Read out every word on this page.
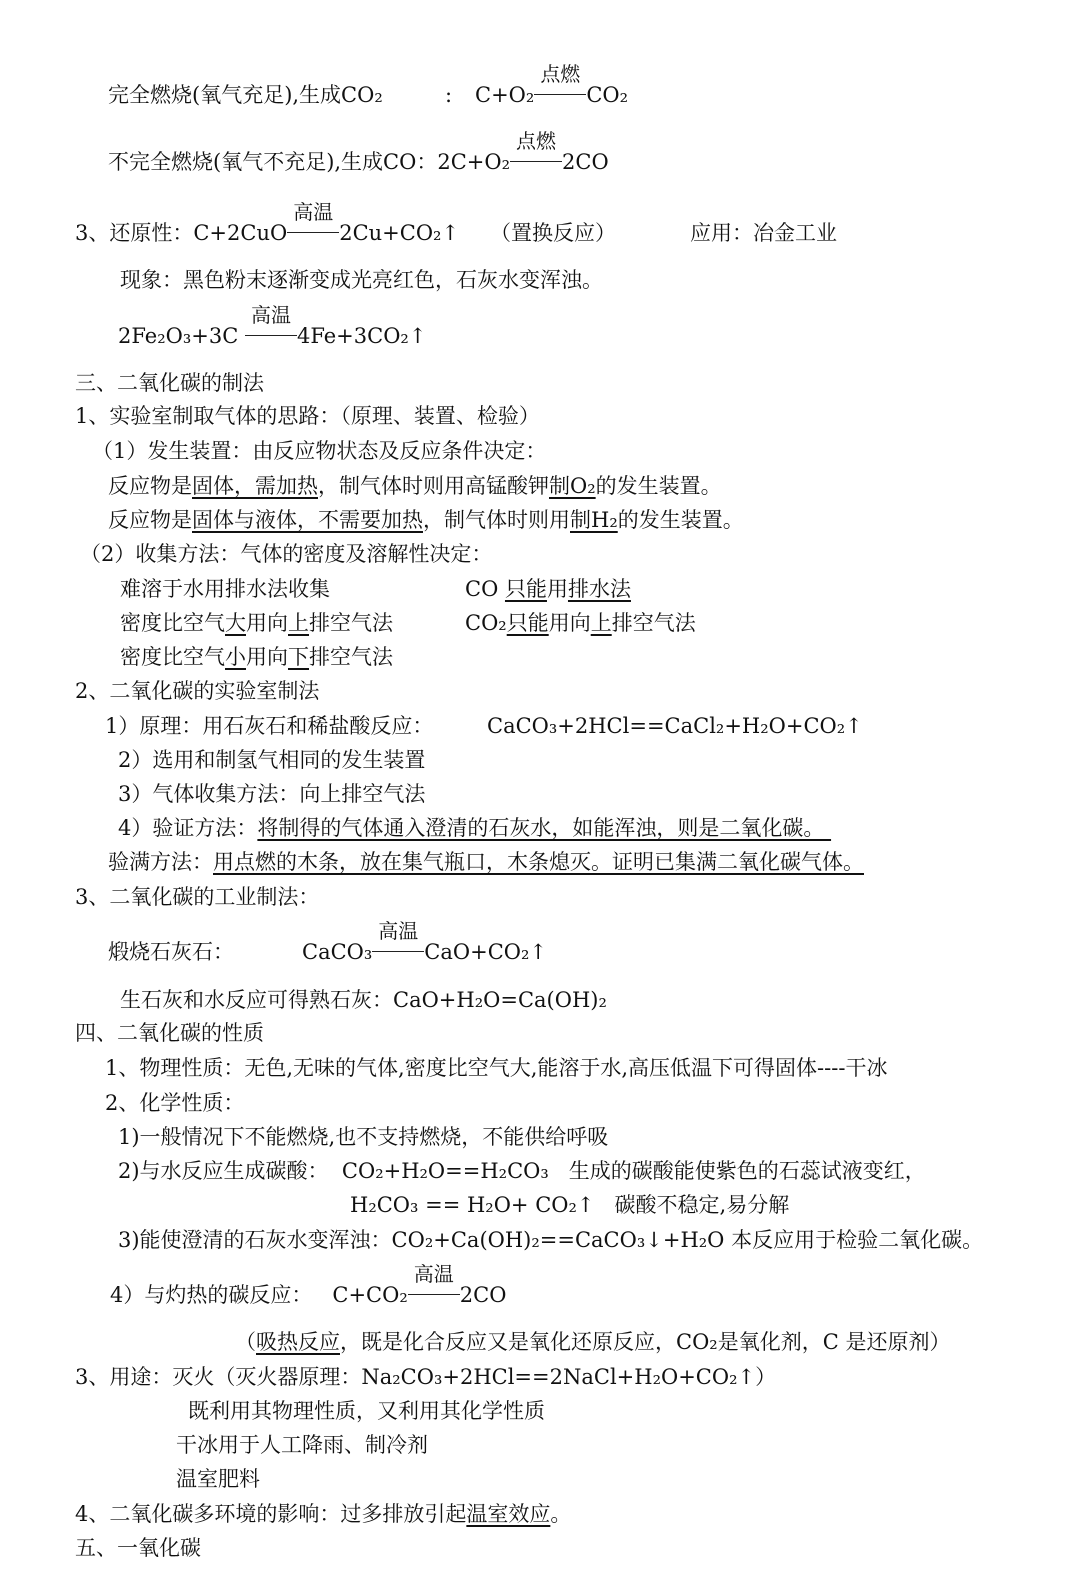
完全燃烧(氧气充足),生成CO₂	: C+O₂
点燃
CO₂
不完全燃烧(氧气不充足),生成CO：2C+O₂
点燃
2CO
3、还原性：C+2CuO
高温
2Cu+CO₂↑ （置换反应）	应用：冶金工业
现象：黑色粉末逐渐变成光亮红色，石灰水变浑浊。
2Fe₂O₃+3C
高温
4Fe+3CO₂↑
三、二氧化碳的制法
1、实验室制取气体的思路：（原理、装置、检验）
（1）发生装置：由反应物状态及反应条件决定：
反应物是固体，需加热，制气体时则用高锰酸钾制O₂的发生装置。
反应物是固体与液体，不需要加热，制气体时则用制H₂的发生装置。
（2）收集方法：气体的密度及溶解性决定：
难溶于水用排水法收集	CO 只能用排水法
密度比空气大用向上排空气法	CO₂只能用向上排空气法
密度比空气小用向下排空气法
2、二氧化碳的实验室制法
1）原理：用石灰石和稀盐酸反应：	CaCO₃+2HCl==CaCl₂+H₂O+CO₂↑
2）选用和制氢气相同的发生装置
3）气体收集方法：向上排空气法
4）验证方法：将制得的气体通入澄清的石灰水，如能浑浊，则是二氧化碳。
验满方法：用点燃的木条，放在集气瓶口，木条熄灭。证明已集满二氧化碳气体。
3、二氧化碳的工业制法：
煅烧石灰石：	CaCO₃
高温
CaO+CO₂↑
生石灰和水反应可得熟石灰：CaO+H₂O=Ca(OH)₂
四、二氧化碳的性质
1、物理性质：无色,无味的气体,密度比空气大,能溶于水,高压低温下可得固体----干冰
2、化学性质：
1)一般情况下不能燃烧,也不支持燃烧，不能供给呼吸
2)与水反应生成碳酸：  CO₂+H₂O==H₂CO₃   生成的碳酸能使紫色的石蕊试液变红，
H₂CO₃ == H₂O+ CO₂↑   碳酸不稳定,易分解
3)能使澄清的石灰水变浑浊：CO₂+Ca(OH)₂==CaCO₃↓+H₂O 本反应用于检验二氧化碳。
4）与灼热的碳反应：   C+CO₂
高温
2CO
（吸热反应，既是化合反应又是氧化还原反应，CO₂是氧化剂，C 是还原剂）
3、用途：灭火（灭火器原理：Na₂CO₃+2HCl==2NaCl+H₂O+CO₂↑）
既利用其物理性质，又利用其化学性质
干冰用于人工降雨、制冷剂
温室肥料
4、二氧化碳多环境的影响：过多排放引起温室效应。
五、一氧化碳
